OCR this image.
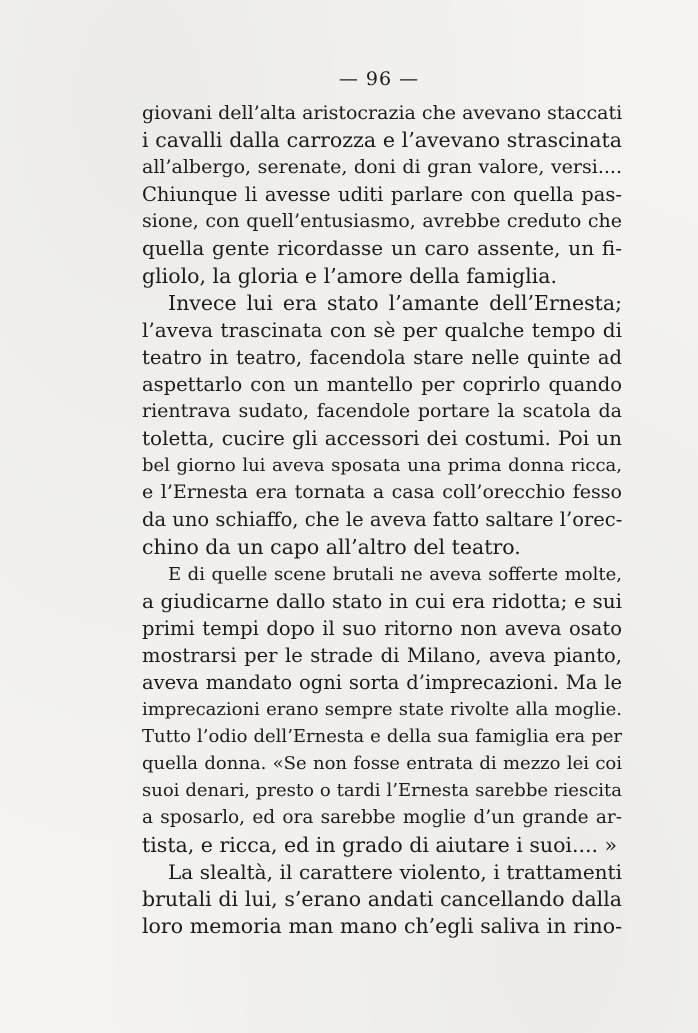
— 96 —
giovani dell’alta aristocrazia che avevano staccati
i cavalli dalla carrozza e l’avevano strascinata
all’albergo, serenate, doni di gran valore, versi....
Chiunque li avesse uditi parlare con quella pas-
sione, con quell’entusiasmo, avrebbe creduto che
quella gente ricordasse un caro assente, un fi-
gliolo, la gloria e l’amore della famiglia.
Invece lui era stato l’amante dell’Ernesta;
l’aveva trascinata con sè per qualche tempo di
teatro in teatro, facendola stare nelle quinte ad
aspettarlo con un mantello per coprirlo quando
rientrava sudato, facendole portare la scatola da
toletta, cucire gli accessori dei costumi. Poi un
bel giorno lui aveva sposata una prima donna ricca,
e l’Ernesta era tornata a casa coll’orecchio fesso
da uno schiaffo, che le aveva fatto saltare l’orec-
chino da un capo all’altro del teatro.
E di quelle scene brutali ne aveva sofferte molte,
a giudicarne dallo stato in cui era ridotta; e sui
primi tempi dopo il suo ritorno non aveva osato
mostrarsi per le strade di Milano, aveva pianto,
aveva mandato ogni sorta d’imprecazioni. Ma le
imprecazioni erano sempre state rivolte alla moglie.
Tutto l’odio dell’Ernesta e della sua famiglia era per
quella donna. «Se non fosse entrata di mezzo lei coi
suoi denari, presto o tardi l’Ernesta sarebbe riescita
a sposarlo, ed ora sarebbe moglie d’un grande ar-
tista, e ricca, ed in grado di aiutare i suoi.... »
La slealtà, il carattere violento, i trattamenti
brutali di lui, s’erano andati cancellando dalla
loro memoria man mano ch’egli saliva in rino-
